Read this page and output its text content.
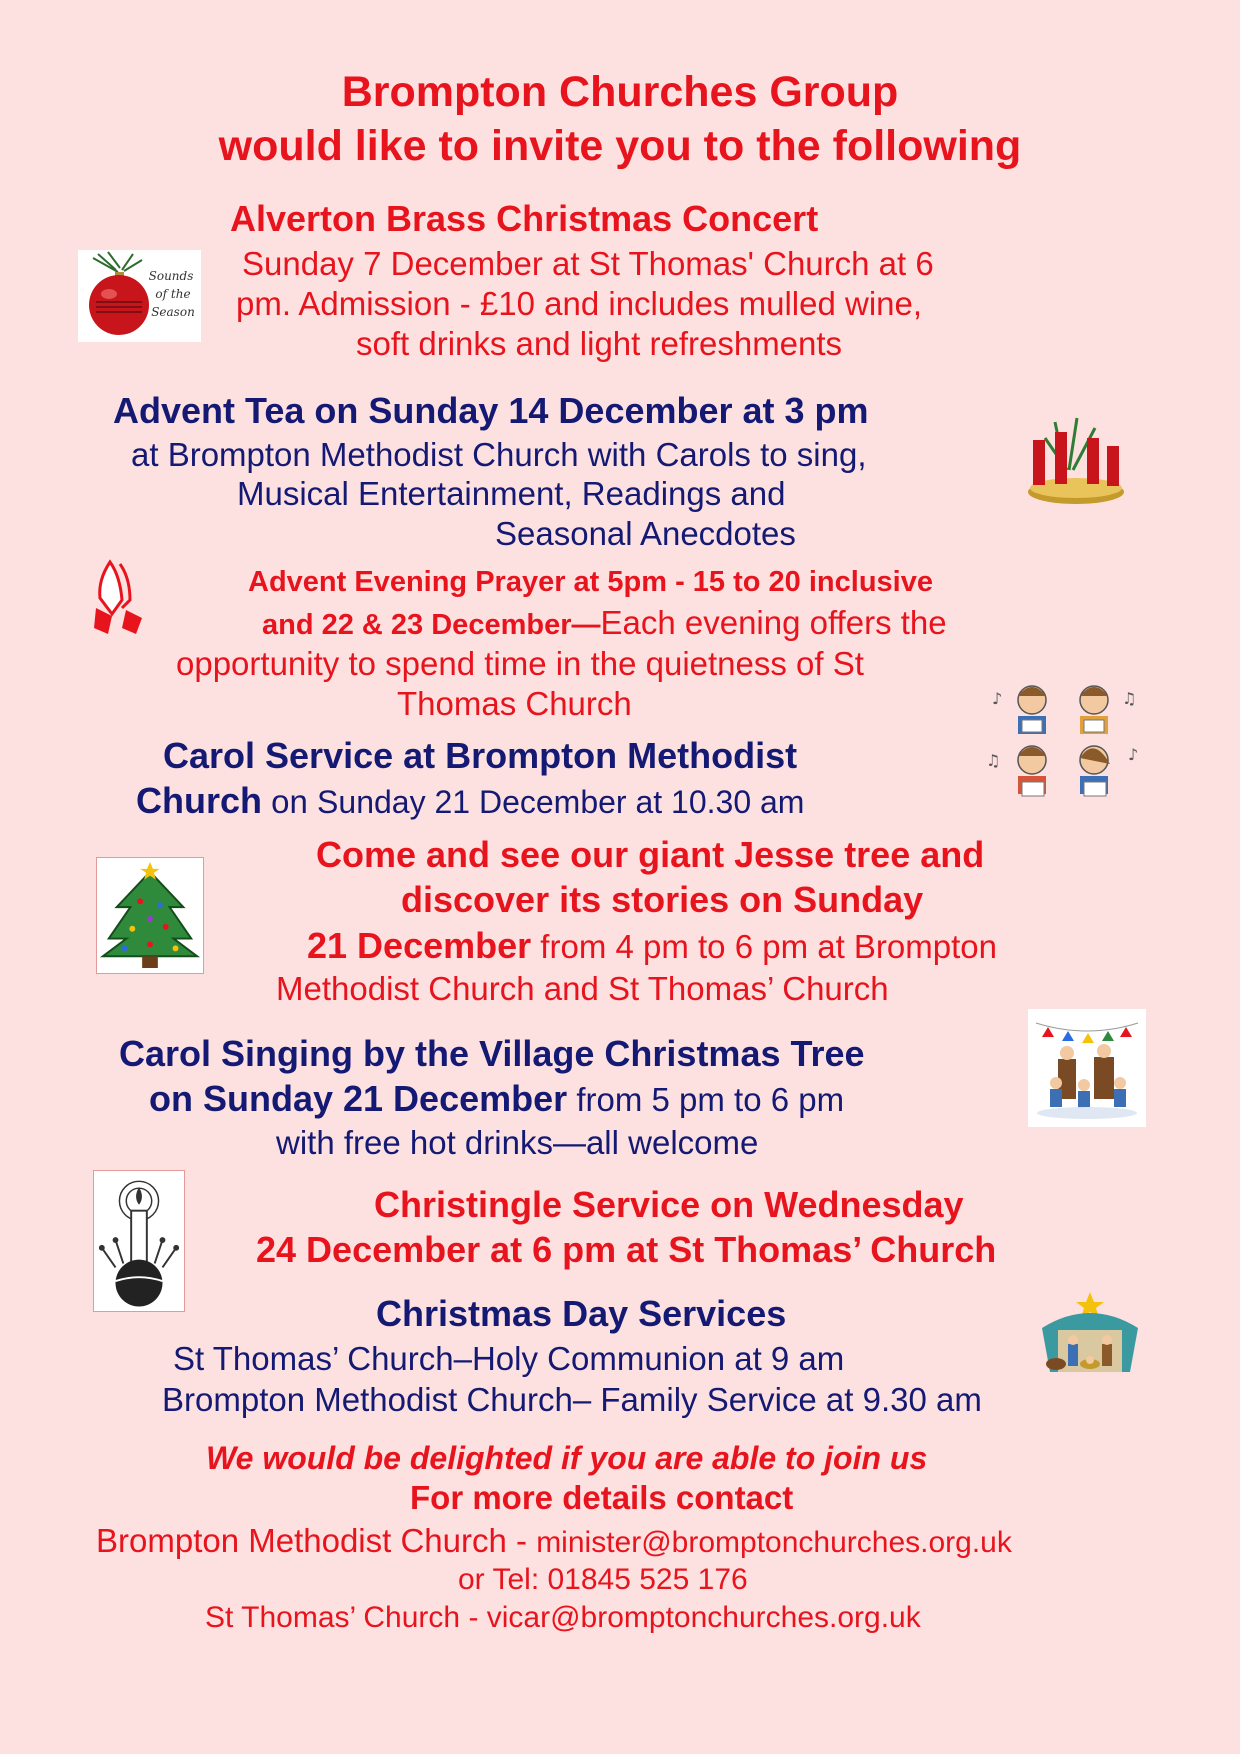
Brompton Churches Group
would like to invite you to the following
Alverton Brass Christmas Concert
Sunday 7 December at St Thomas' Church at 6
pm. Admission - £10 and includes mulled wine,
soft drinks and light refreshments
Sounds
of the
Season
Advent Tea on Sunday 14 December at 3 pm
at Brompton Methodist Church with Carols to sing,
Musical Entertainment, Readings and
Seasonal Anecdotes
Advent Evening Prayer at 5pm - 15 to 20 inclusive
and 22 & 23 December—Each evening offers the
opportunity to spend time in the quietness of St
Thomas Church	♪	♫
♫	♪
Carol Service at Brompton Methodist
Church on Sunday 21 December at 10.30 am
Come and see our giant Jesse tree and
discover its stories on Sunday
21 December from 4 pm to 6 pm at Brompton
Methodist Church and St Thomas’ Church
Carol Singing by the Village Christmas Tree
on Sunday 21 December from 5 pm to 6 pm
with free hot drinks—all welcome
Christingle Service on Wednesday
24 December at 6 pm at St Thomas’ Church
Christmas Day Services
St Thomas’ Church–Holy Communion at 9 am
Brompton Methodist Church– Family Service at 9.30 am
We would be delighted if you are able to join us
For more details contact
Brompton Methodist Church - minister@bromptonchurches.org.uk
or Tel: 01845 525 176
St Thomas’ Church - vicar@bromptonchurches.org.uk
